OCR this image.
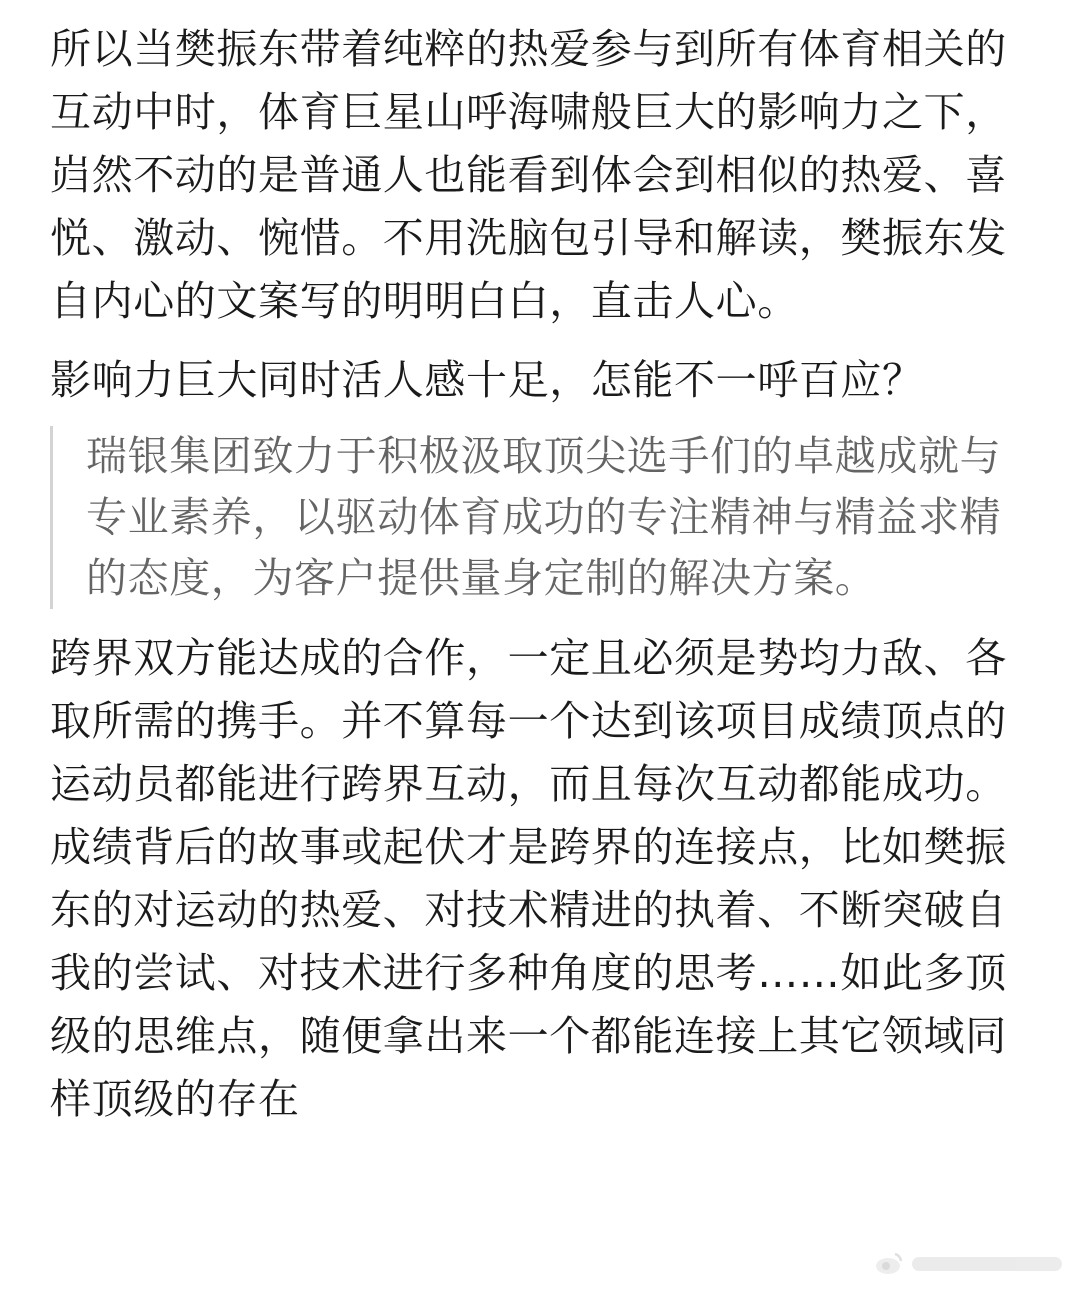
所以当樊振东带着纯粹的热爱参与到所有体育相关的互动中时，体育巨星山呼海啸般巨大的影响力之下，岿然不动的是普通人也能看到体会到相似的热爱、喜悦、激动、惋惜。不用洗脑包引导和解读，樊振东发自内心的文案写的明明白白，直击人心。

影响力巨大同时活人感十足，怎能不一呼百应？

瑞银集团致力于积极汲取顶尖选手们的卓越成就与专业素养，以驱动体育成功的专注精神与精益求精的态度，为客户提供量身定制的解决方案。

跨界双方能达成的合作，一定且必须是势均力敌、各取所需的携手。并不算每一个达到该项目成绩顶点的运动员都能进行跨界互动，而且每次互动都能成功。成绩背后的故事或起伏才是跨界的连接点，比如樊振东的对运动的热爱、对技术精进的执着、不断突破自我的尝试、对技术进行多种角度的思考……如此多顶级的思维点，随便拿出来一个都能连接上其它领域同样顶级的存在
